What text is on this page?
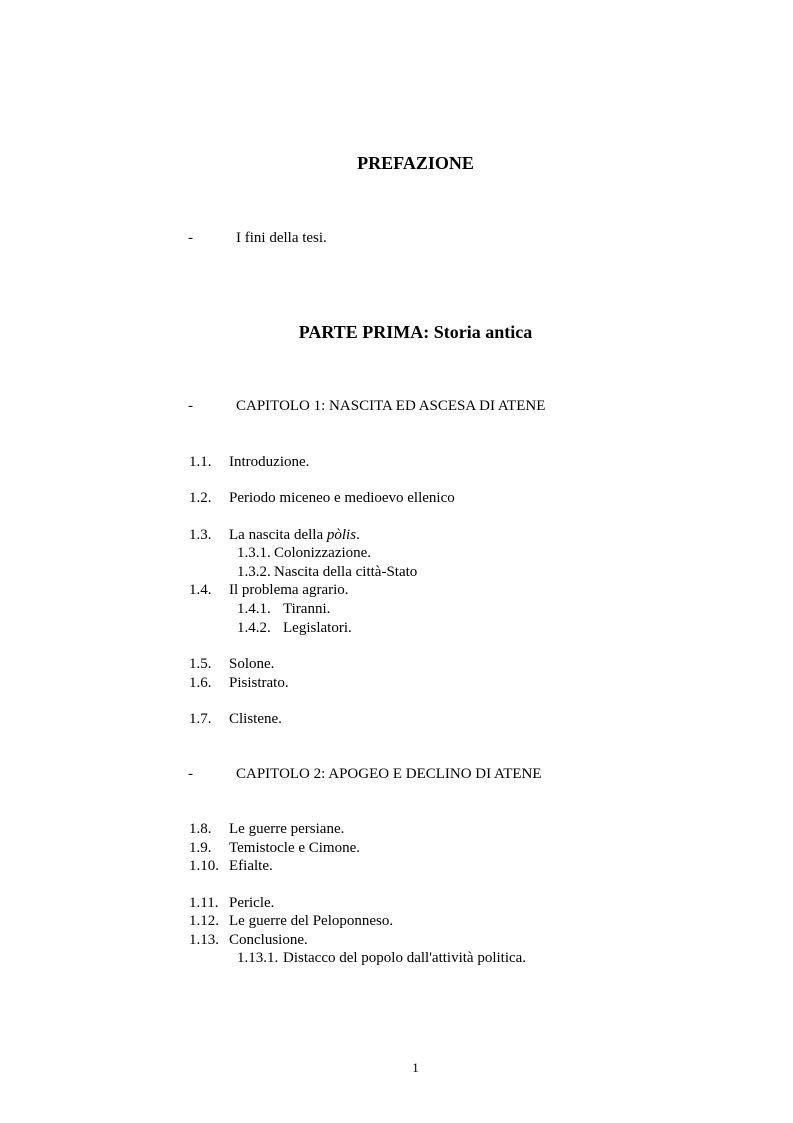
PREFAZIONE

-	I fini della tesi.

PARTE PRIMA: Storia antica

-	CAPITOLO 1: NASCITA ED ASCESA DI ATENE
1.1. Introduzione.
1.2. Periodo miceneo e medioevo ellenico
1.3. La nascita della pòlis.
1.3.1. Colonizzazione.
1.3.2. Nascita della città-Stato
1.4. Il problema agrario.
1.4.1. Tiranni.
1.4.2. Legislatori.
1.5. Solone.
1.6. Pisistrato.
1.7. Clistene.
-	CAPITOLO 2: APOGEO E DECLINO DI ATENE
1.8. Le guerre persiane.
1.9. Temistocle e Cimone.
1.10. Efialte.
1.11. Pericle.
1.12. Le guerre del Peloponneso.
1.13. Conclusione.
1.13.1. Distacco del popolo dall'attività politica.

1
